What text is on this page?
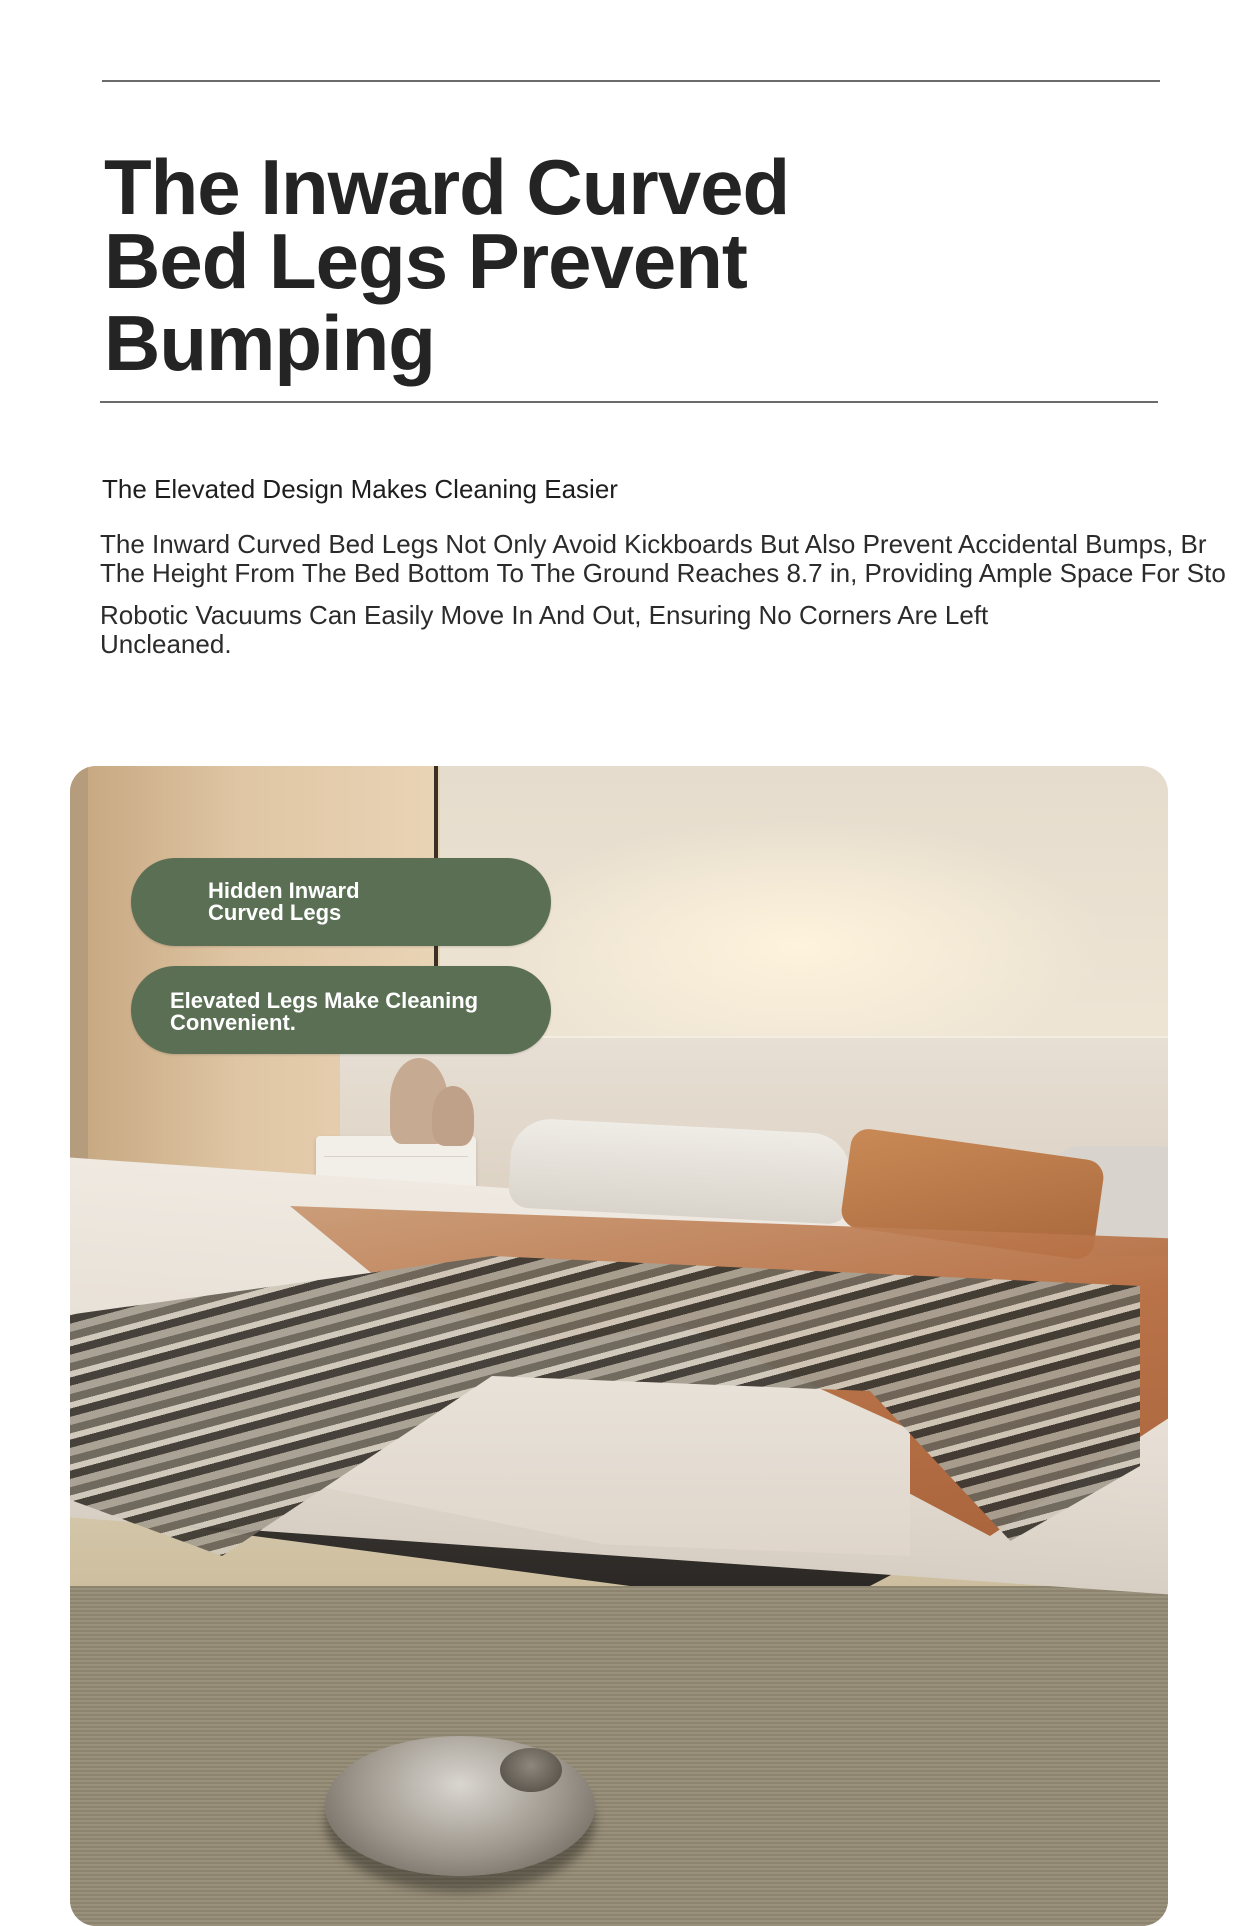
The Inward Curved
Bed Legs Prevent
Bumping

The Elevated Design Makes Cleaning Easier

The Inward Curved Bed Legs Not Only Avoid Kickboards But Also Prevent Accidental Bumps, Br
The Height From The Bed Bottom To The Ground Reaches 8.7 in, Providing Ample Space For Sto

Robotic Vacuums Can Easily Move In And Out, Ensuring No Corners Are Left Uncleaned.

Hidden Inward Curved Legs
Elevated Legs Make Cleaning Convenient.
